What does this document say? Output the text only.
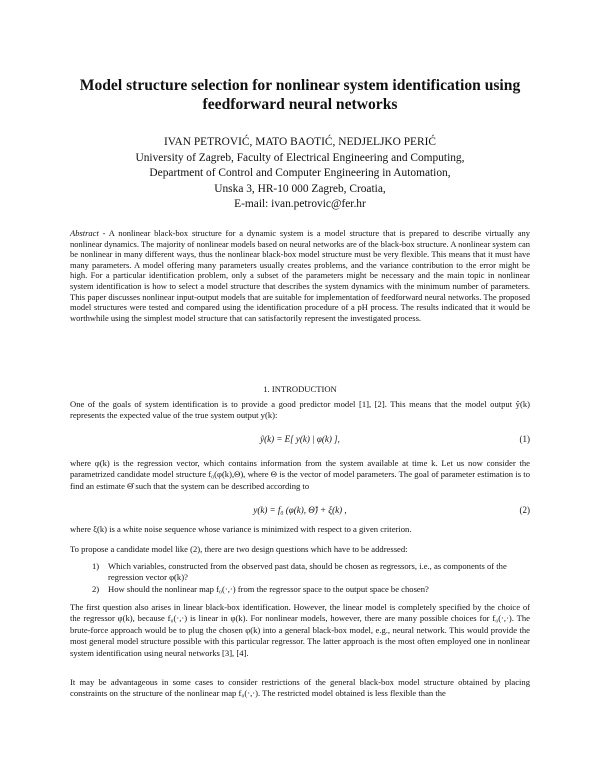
Model structure selection for nonlinear system identification using
feedforward neural networks
IVAN PETROVIĆ, MATO BAOTIĆ, NEDJELJKO PERIĆ
University of Zagreb, Faculty of Electrical Engineering and Computing,
Department of Control and Computer Engineering in Automation,
Unska 3, HR-10 000 Zagreb, Croatia,
E-mail: ivan.petrovic@fer.hr
Abstract - A nonlinear black-box structure for a dynamic system is a model structure that is prepared to describe virtually any nonlinear dynamics. The majority of nonlinear models based on neural networks are of the black-box structure. A nonlinear system can be nonlinear in many different ways, thus the nonlinear black-box model structure must be very flexible. This means that it must have many parameters. A model offering many parameters usually creates problems, and the variance contribution to the error might be high. For a particular identification problem, only a subset of the parameters might be necessary and the main topic in nonlinear system identification is how to select a model structure that describes the system dynamics with the minimum number of parameters. This paper discusses nonlinear input-output models that are suitable for implementation of feedforward neural networks. The proposed model structures were tested and compared using the identification procedure of a pH process. The results indicated that it would be worthwhile using the simplest model structure that can satisfactorily represent the investigated process.
1. INTRODUCTION

One of the goals of system identification is to provide a good predictor model [1], [2]. This means that the model output ŷ(k) represents the expected value of the true system output y(k):

ŷ(k) = E[ y(k) | φ(k) ],	(1)

where φ(k) is the regression vector, which contains information from the system available at time k. Let us now consider the parametrized candidate model structure f₀(φ(k),Θ), where Θ is the vector of model parameters. The goal of parameter estimation is to find an estimate Θ̂ such that the system can be described according to

y(k) = f₀ (φ(k), Θ̂) + ξ(k) ,	(2)

where ξ(k) is a white noise sequence whose variance is minimized with respect to a given criterion.

To propose a candidate model like (2), there are two design questions which have to be addressed:

1) Which variables, constructed from the observed past data, should be chosen as regressors, i.e., as components of the regression vector φ(k)?
2) How should the nonlinear map f₀(·,·) from the regressor space to the output space be chosen?

The first question also arises in linear black-box identification. However, the linear model is completely specified by the choice of the regressor φ(k), because f₀(·,·) is linear in φ(k). For nonlinear models, however, there are many possible choices for f₀(·,·). The brute-force approach would be to plug the chosen φ(k) into a general black-box model, e.g., neural network. This would provide the most general model structure possible with this particular regressor. The latter approach is the most often employed one in nonlinear system identification using neural networks [3], [4].

It may be advantageous in some cases to consider restrictions of the general black-box model structure obtained by placing constraints on the structure of the nonlinear map f₀(·,·). The restricted model obtained is less flexible than the
